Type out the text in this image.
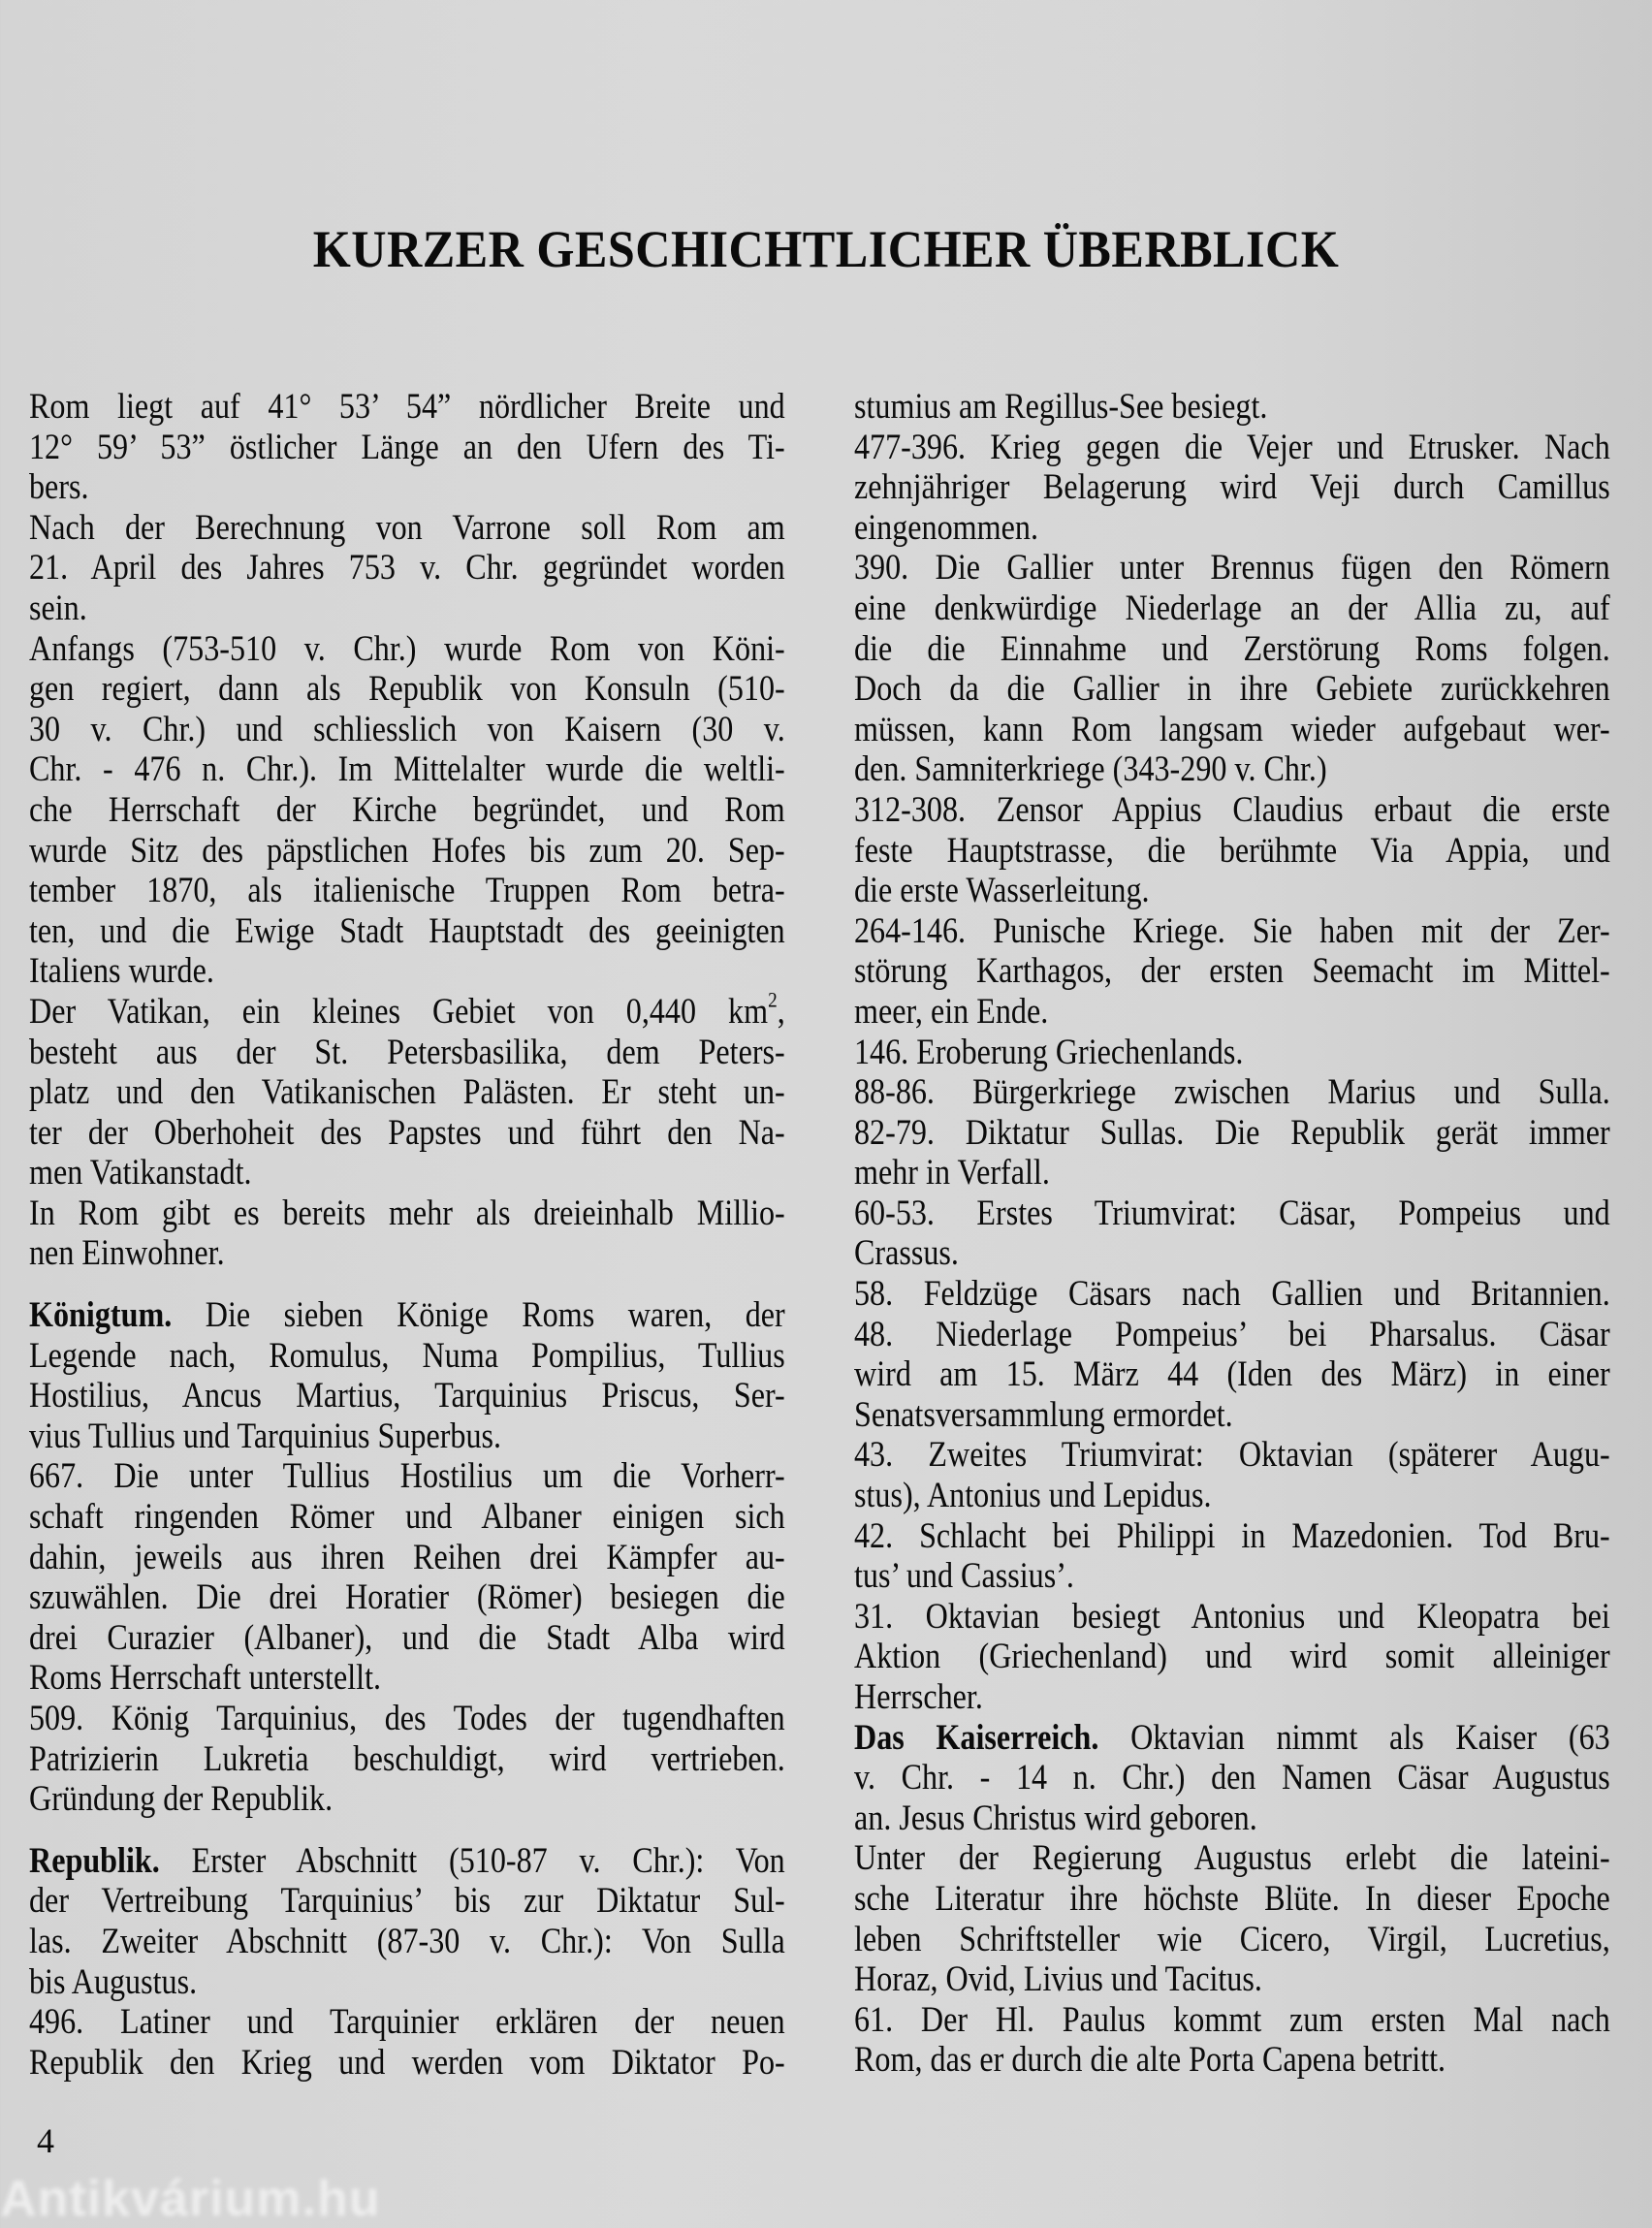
KURZER GESCHICHTLICHER ÜBERBLICK

Rom liegt auf 41° 53’ 54” nördlicher Breite und
12° 59’ 53” östlicher Länge an den Ufern des Ti-
bers.

Nach der Berechnung von Varrone soll Rom am
21. April des Jahres 753 v. Chr. gegründet worden
sein.

Anfangs (753-510 v. Chr.) wurde Rom von Köni-
gen regiert, dann als Republik von Konsuln (510-
30 v. Chr.) und schliesslich von Kaisern (30 v.
Chr. - 476 n. Chr.). Im Mittelalter wurde die weltli-
che Herrschaft der Kirche begründet, und Rom
wurde Sitz des päpstlichen Hofes bis zum 20. Sep-
tember 1870, als italienische Truppen Rom betra-
ten, und die Ewige Stadt Hauptstadt des geeinigten
Italiens wurde.

Der Vatikan, ein kleines Gebiet von 0,440 $km^2$,
besteht aus der St. Petersbasilika, dem Peters-
platz und den Vatikanischen Palästen. Er steht un-
ter der Oberhoheit des Papstes und führt den Na-
men Vatikanstadt.

In Rom gibt es bereits mehr als dreieinhalb Millio-
nen Einwohner.

Königtum. Die sieben Könige Roms waren, der
Legende nach, Romulus, Numa Pompilius, Tullius
Hostilius, Ancus Martius, Tarquinius Priscus, Ser-
vius Tullius und Tarquinius Superbus.

667. Die unter Tullius Hostilius um die Vorherr-
schaft ringenden Römer und Albaner einigen sich
dahin, jeweils aus ihren Reihen drei Kämpfer au-
szuwählen. Die drei Horatier (Römer) besiegen die
drei Curazier (Albaner), und die Stadt Alba wird
Roms Herrschaft unterstellt.

509. König Tarquinius, des Todes der tugendhaften
Patrizierin Lukretia beschuldigt, wird vertrieben.
Gründung der Republik.

Republik. Erster Abschnitt (510-87 v. Chr.): Von
der Vertreibung Tarquinius’ bis zur Diktatur Sul-
las. Zweiter Abschnitt (87-30 v. Chr.): Von Sulla
bis Augustus.

496. Latiner und Tarquinier erklären der neuen
Republik den Krieg und werden vom Diktator Po-

stumius am Regillus-See besiegt.

477-396. Krieg gegen die Vejer und Etrusker. Nach
zehnjähriger Belagerung wird Veji durch Camillus
eingenommen.

390. Die Gallier unter Brennus fügen den Römern
eine denkwürdige Niederlage an der Allia zu, auf
die die Einnahme und Zerstörung Roms folgen.
Doch da die Gallier in ihre Gebiete zurückkehren
müssen, kann Rom langsam wieder aufgebaut wer-
den. Samniterkriege (343-290 v. Chr.)

312-308. Zensor Appius Claudius erbaut die erste
feste Hauptstrasse, die berühmte Via Appia, und
die erste Wasserleitung.

264-146. Punische Kriege. Sie haben mit der Zer-
störung Karthagos, der ersten Seemacht im Mittel-
meer, ein Ende.

146. Eroberung Griechenlands.

88-86. Bürgerkriege zwischen Marius und Sulla.

82-79. Diktatur Sullas. Die Republik gerät immer
mehr in Verfall.

60-53. Erstes Triumvirat: Cäsar, Pompeius und
Crassus.

58. Feldzüge Cäsars nach Gallien und Britannien.

48. Niederlage Pompeius’ bei Pharsalus. Cäsar
wird am 15. März 44 (Iden des März) in einer
Senatsversammlung ermordet.

43. Zweites Triumvirat: Oktavian (späterer Augu-
stus), Antonius und Lepidus.

42. Schlacht bei Philippi in Mazedonien. Tod Bru-
tus’ und Cassius’.

31. Oktavian besiegt Antonius und Kleopatra bei
Aktion (Griechenland) und wird somit alleiniger
Herrscher.

Das Kaiserreich. Oktavian nimmt als Kaiser (63
v. Chr. - 14 n. Chr.) den Namen Cäsar Augustus
an. Jesus Christus wird geboren.

Unter der Regierung Augustus erlebt die lateini-
sche Literatur ihre höchste Blüte. In dieser Epoche
leben Schriftsteller wie Cicero, Virgil, Lucretius,
Horaz, Ovid, Livius und Tacitus.

61. Der Hl. Paulus kommt zum ersten Mal nach
Rom, das er durch die alte Porta Capena betritt.

4
Antikvárium.hu
